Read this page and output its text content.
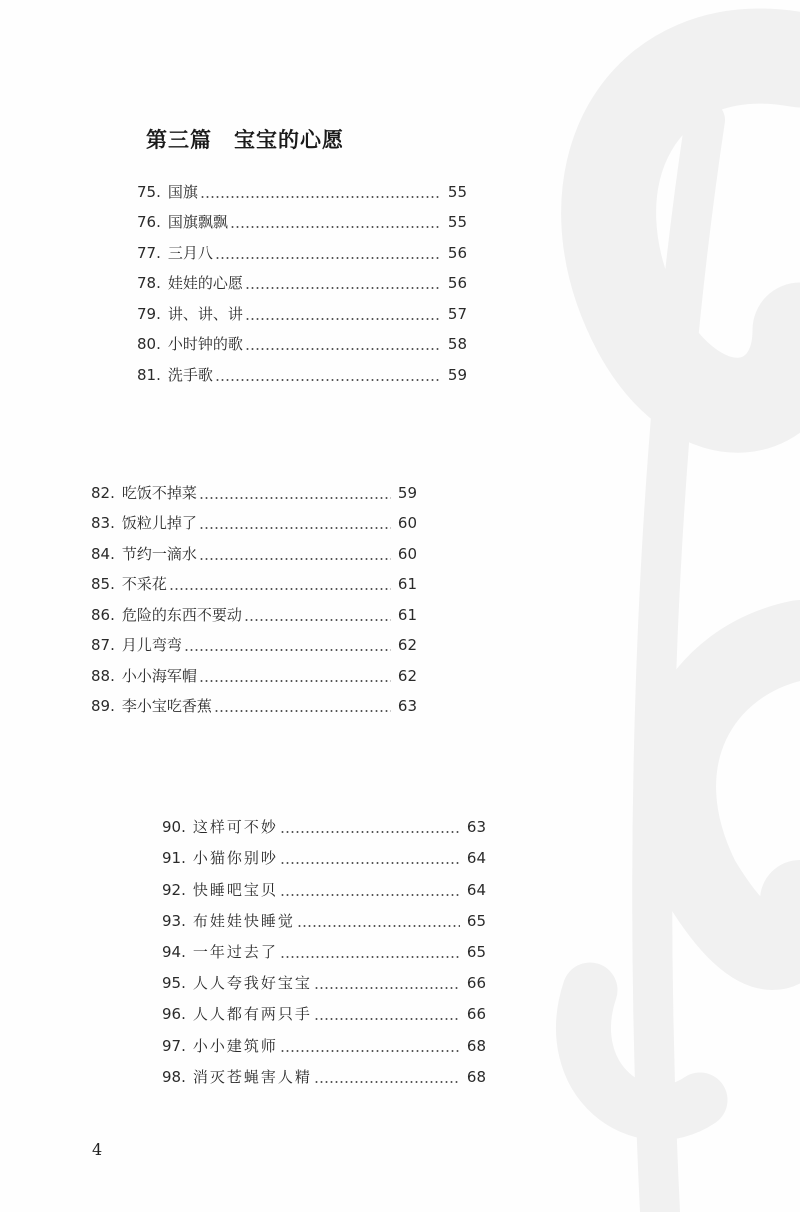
第三篇 宝宝的心愿
75. 国旗	55
76. 国旗飘飘	55
77. 三月八	56
78. 娃娃的心愿	56
79. 讲、讲、讲	57
80. 小时钟的歌	58
81. 洗手歌	59
82. 吃饭不掉菜	59
83. 饭粒儿掉了	60
84. 节约一滴水	60
85. 不采花	61
86. 危险的东西不要动	61
87. 月儿弯弯	62
88. 小小海军帽	62
89. 李小宝吃香蕉	63
90. 这样可不妙	63
91. 小猫你别吵	64
92. 快睡吧宝贝	64
93. 布娃娃快睡觉	65
94. 一年过去了	65
95. 人人夸我好宝宝	66
96. 人人都有两只手	66
97. 小小建筑师	68
98. 消灭苍蝇害人精	68
4
